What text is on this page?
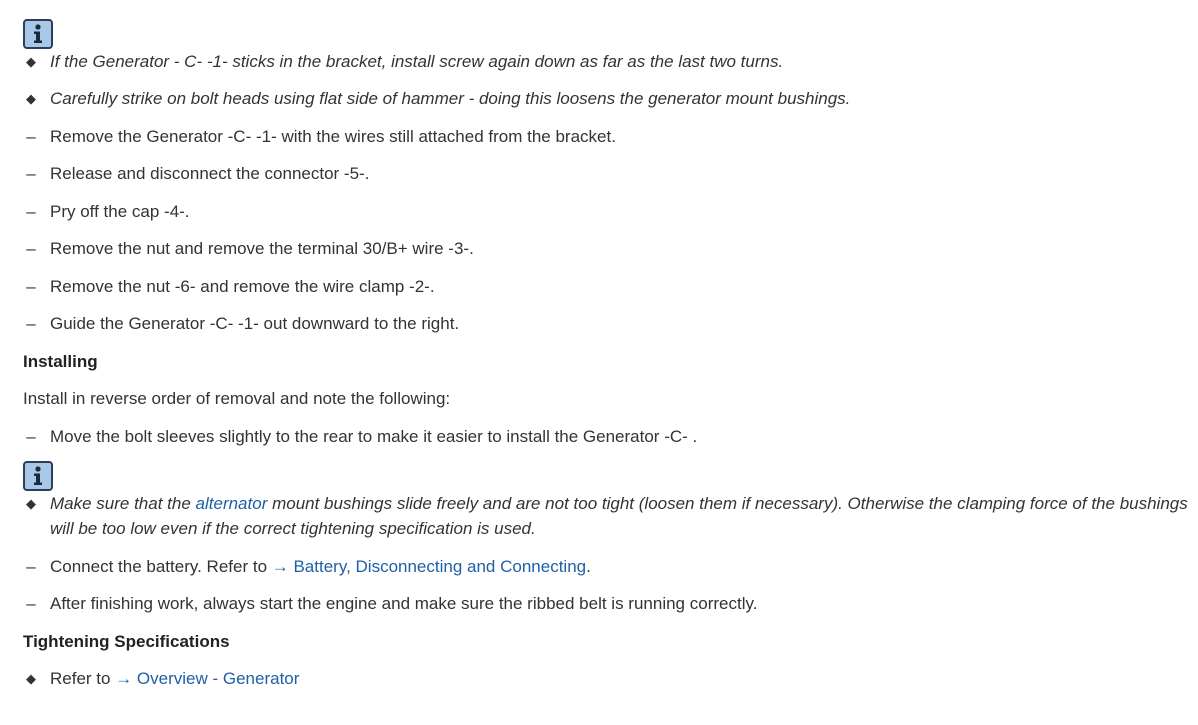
◆ If the Generator - C- -1- sticks in the bracket, install screw again down as far as the last two turns.
◆ Carefully strike on bolt heads using flat side of hammer - doing this loosens the generator mount bushings.
– Remove the Generator -C- -1- with the wires still attached from the bracket.
– Release and disconnect the connector -5-.
– Pry off the cap -4-.
– Remove the nut and remove the terminal 30/B+ wire -3-.
– Remove the nut -6- and remove the wire clamp -2-.
– Guide the Generator -C- -1- out downward to the right.
Installing
Install in reverse order of removal and note the following:
– Move the bolt sleeves slightly to the rear to make it easier to install the Generator -C- .
◆ Make sure that the alternator mount bushings slide freely and are not too tight (loosen them if necessary). Otherwise the clamping force of the bushings will be too low even if the correct tightening specification is used.
– Connect the battery. Refer to → Battery, Disconnecting and Connecting.
– After finishing work, always start the engine and make sure the ribbed belt is running correctly.
Tightening Specifications
◆ Refer to → Overview - Generator
